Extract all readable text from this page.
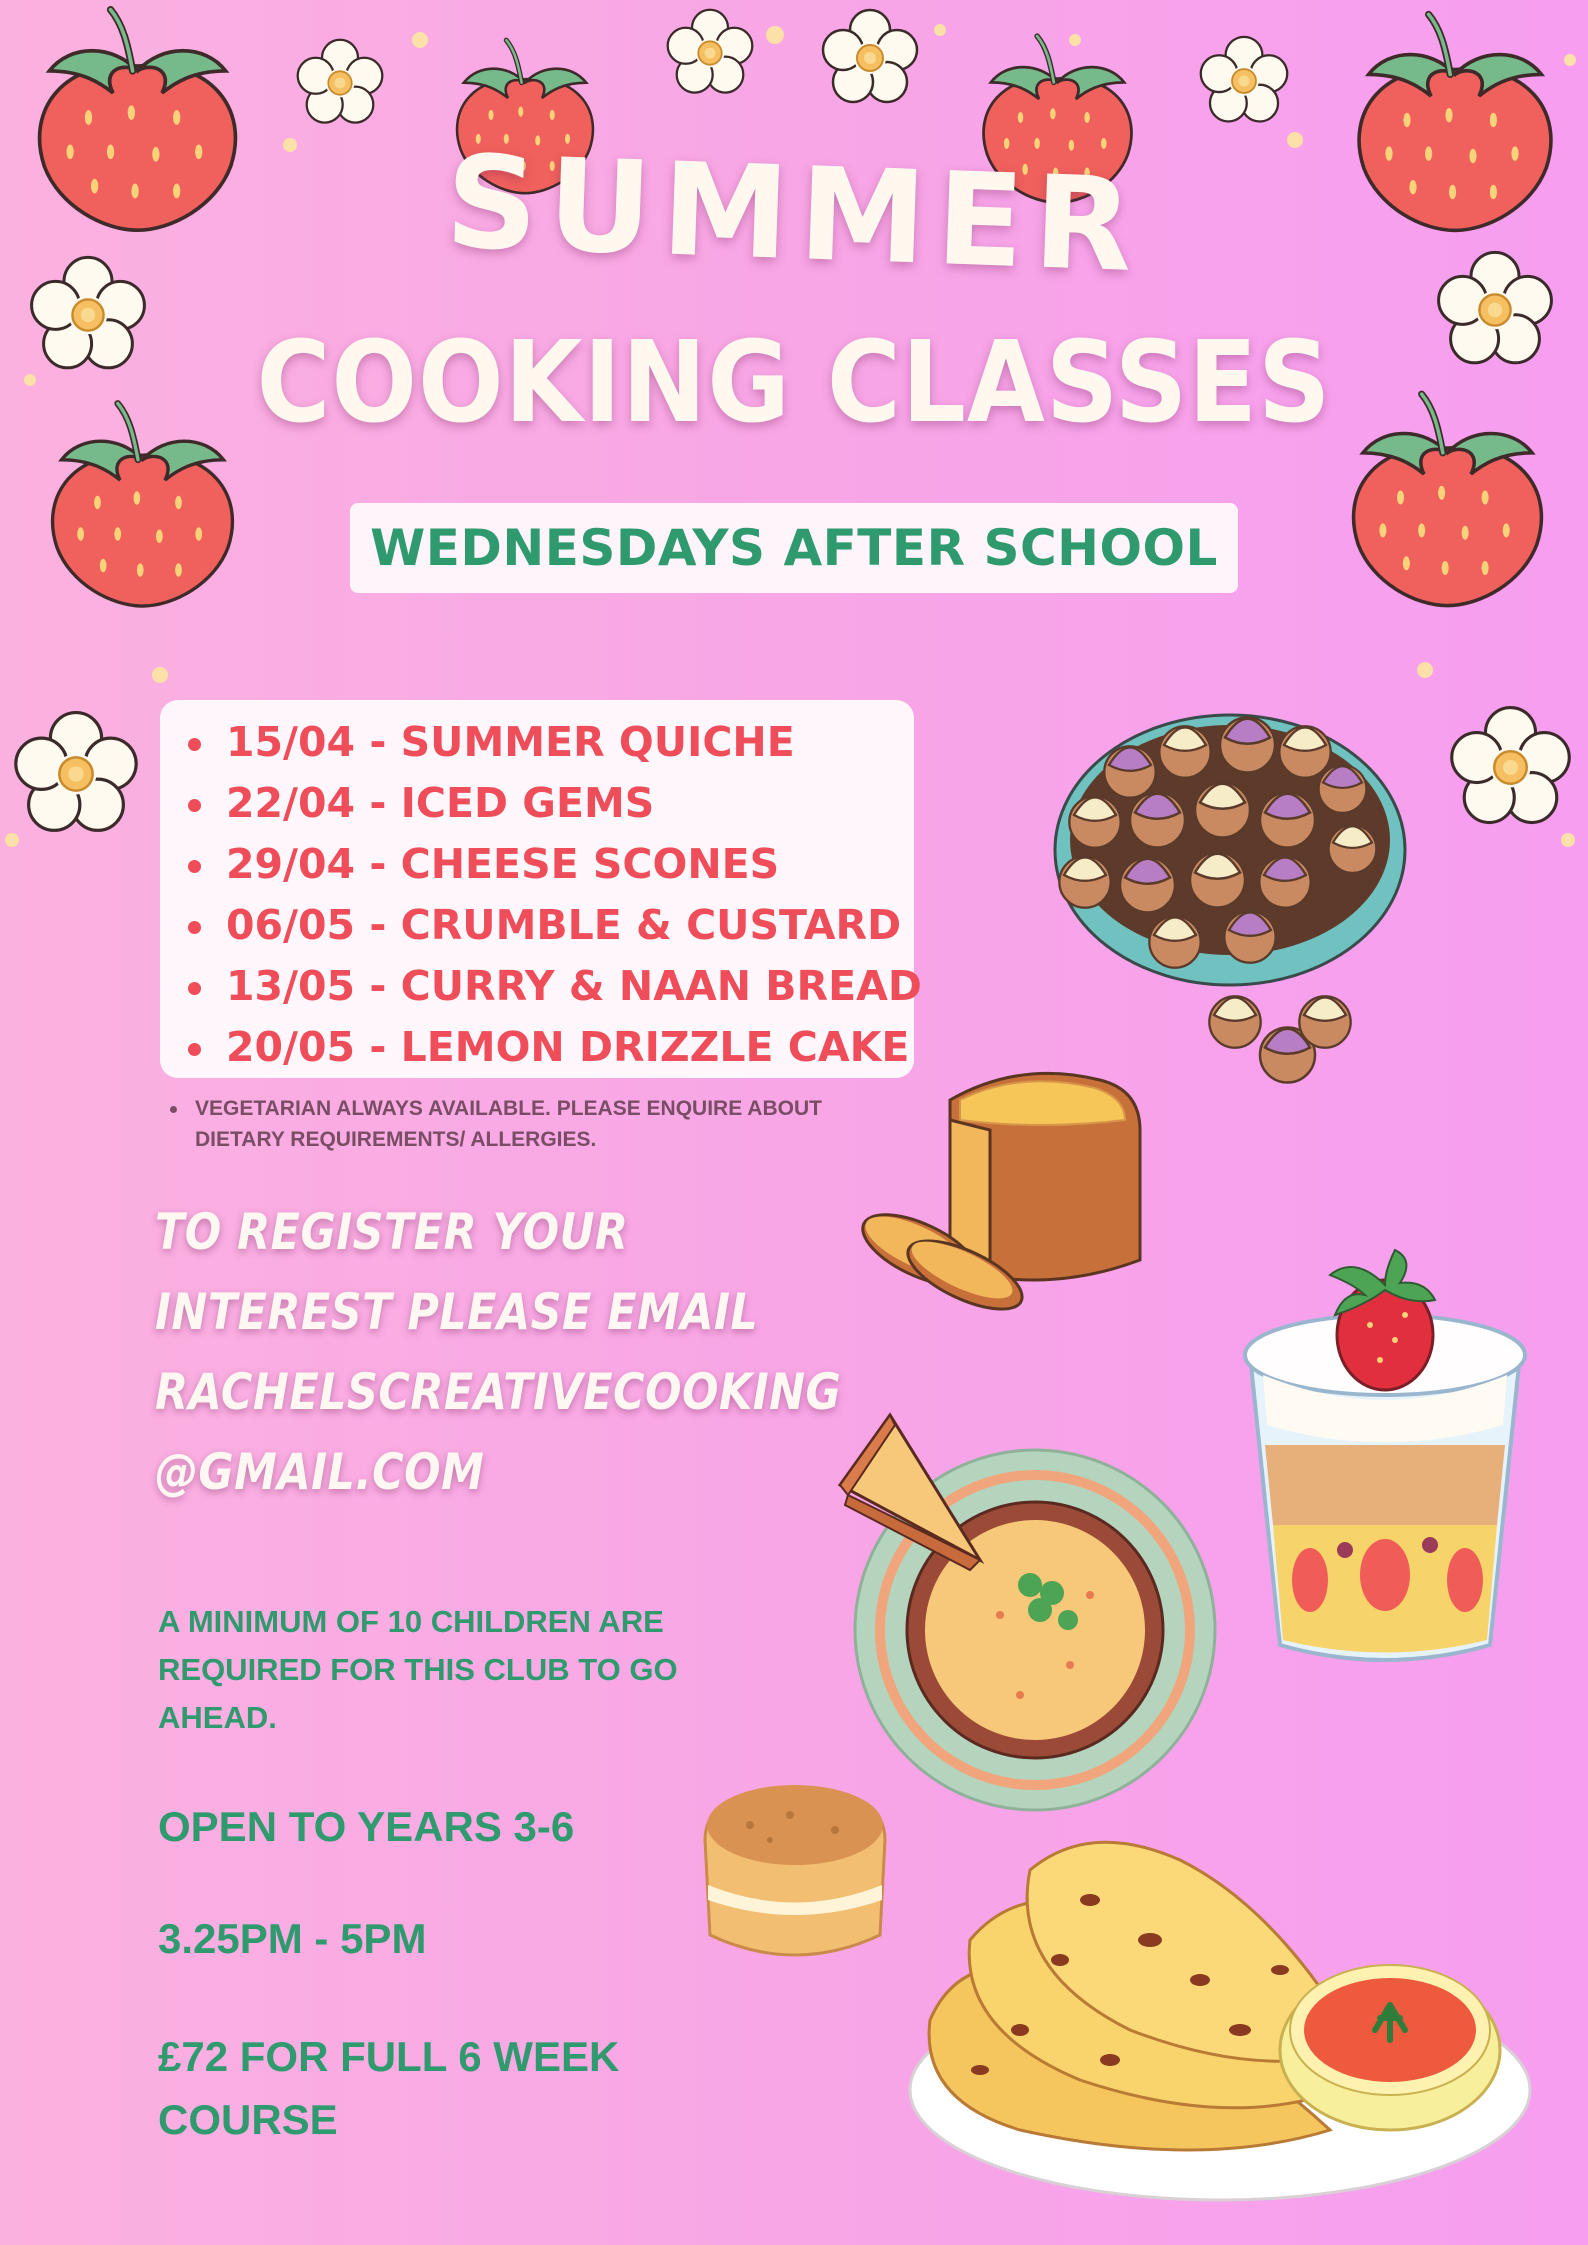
SUMMER
COOKING CLASSES
WEDNESDAYS AFTER SCHOOL
15/04 - SUMMER QUICHE
22/04 - ICED GEMS
29/04 - CHEESE SCONES
06/05 - CRUMBLE & CUSTARD
13/05 - CURRY & NAAN BREAD
20/05 - LEMON DRIZZLE CAKE
VEGETARIAN ALWAYS AVAILABLE. PLEASE ENQUIRE ABOUT DIETARY REQUIREMENTS/ ALLERGIES.
TO REGISTER YOUR
INTEREST PLEASE EMAIL
RACHELSCREATIVECOOKING
@GMAIL.COM
A MINIMUM OF 10 CHILDREN ARE REQUIRED FOR THIS CLUB TO GO AHEAD.
OPEN TO YEARS 3-6
3.25PM - 5PM
£72 FOR FULL 6 WEEK COURSE
